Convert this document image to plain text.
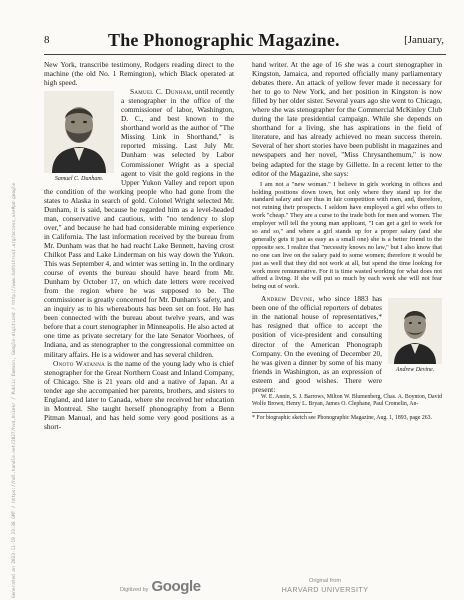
8	The Phonographic Magazine.	[January,

New York, transcribe testimony, Rodgers reading direct to the machine (the old No. 1 Remington), which Black operated at high speed.

Samuel C. Dunham.
Samuel C. Dunham, until recently a stenographer in the office of the commissioner of labor, Washington, D. C., and best known to the shorthand world as the author of "The Missing Link in Shorthand," is reported missing. Last July Mr. Dunham was selected by Labor Commissioner Wright as a special agent to visit the gold regions in the Upper Yukon Valley and report upon the condition of the working people who had gone from the states to Alaska in search of gold. Colonel Wright selected Mr. Dunham, it is said, because he regarded him as a level-headed man, conservative and cautious, with "no tendency to slop over," and because he had had considerable mining experience in California. The last information received by the bureau from Mr. Dunham was that he had reacht Lake Bennett, having crost Chilkot Pass and Lake Linderman on his way down the Yukon. This was September 4, and winter was setting in. In the ordinary course of events the bureau should have heard from Mr. Dunham by October 17, on which date letters were received from the region where he was supposed to be. The commissioner is greatly concerned for Mr. Dunham's safety, and an inquiry as to his whereabouts has been set on foot. He has been connected with the bureau about twelve years, and was before that a court stenographer in Minneapolis. He also acted at one time as private secretary for the late Senator Voorhees, of Indiana, and as stenographer to the congressional committee on military affairs. He is a widower and has several children.

Onoto Watanna is the name of the young lady who is chief stenographer for the Great Northern Coast and Inland Company, of Chicago. She is 21 years old and a native of Japan. At a tender age she accompanied her parents, brothers, and sisters to England, and later to Canada, where she received her education in Montreal. She taught herself phonography from a Benn Pitman Manual, and has held some very good positions as a short-

hand writer. At the age of 16 she was a court stenographer in Kingston, Jamaica, and reported officially many parliamentary debates there. An attack of yellow fever made it necessary for her to go to New York, and her position in Kingston is now filled by her older sister. Several years ago she went to Chicago, where she was stenographer for the Commercial McKinley Club during the late presidential campaign. While she depends on shorthand for a living, she has aspirations in the field of literature, and has already achieved no mean success therein. Several of her short stories have been publisht in magazines and newspapers and her novel, "Miss Chrysanthemum," is now being adapted for the stage by Gillette. In a recent letter to the editor of the Magazine, she says:

I am not a "new woman." I believe in girls working in offices and holding positions down town, but only where they stand up for the standard salary and are thus in fair competition with men, and, therefore, not ruining their prospects. I seldom have employed a girl who offers to work "cheap." They are a curse to the trade both for men and women. The employer will tell the young man applicant, "I can get a girl to work for so and so," and where a girl stands up for a proper salary (and she generally gets it just as easy as a small one) she is a better friend to the opposite sex. I realize that "necessity knows no law," but I also know that no one can live on the salary paid to some women; therefore it would be just as well that they did not work at all, but spend the time looking for work more remunerative. For it is time wasted working for what does not afford a living. If she will put so much by each week she will not fear being out of work.

Andrew Devine.
Andrew Devine, who since 1883 has been one of the official reporters of debates in the national house of representatives,* has resigned that office to accept the position of vice-president and consulting director of the American Phonograph Company. On the evening of December 20, he was given a dinner by some of his many friends in Washington, as an expression of esteem and good wishes. There were present:

W. E. Annin, S. J. Barrows, Milton W. Blumenberg, Chas. A. Boynton, David Wolfe Brown, Henry L. Bryan, James O. Clephane, Paul Cromelin, An-

* For biographic sketch see Phonographic Magazine, Aug. 1, 1893, page 263.

Generated on 2023-11-19 23:38 GMT / https://hdl.handle.net/2027/hvd.hn1mkr / Public Domain, Google-digitized / http://www.hathitrust.org/access_use#pd-google	Digitized by Google	Original from
HARVARD UNIVERSITY
